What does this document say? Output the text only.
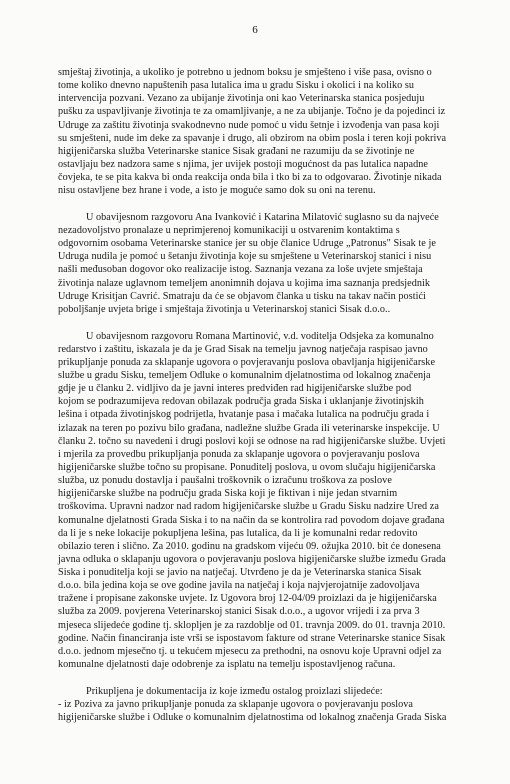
6
smještaj životinja, a ukoliko je potrebno u jednom boksu je smješteno i više pasa, ovisno o
tome koliko dnevno napuštenih pasa lutalica ima u gradu Sisku i okolici i na koliko su
intervencija pozvani. Vezano za ubijanje životinja oni kao Veterinarska stanica posjeduju
pušku za uspavljivanje životinja te za omamljivanje, a ne za ubijanje. Točno je da pojedinci iz
Udruge za zaštitu životinja svakodnevno nude pomoć u vidu šetnje i izvođenja van pasa koji
su smješteni, nude im deke za spavanje i drugo, ali obzirom na obim posla i teren koji pokriva
higijeničarska služba Veterinarske stanice Sisak građani ne razumiju da se životinje ne
ostavljaju bez nadzora same s njima, jer uvijek postoji mogućnost da pas lutalica napadne
čovjeka, te se pita kakva bi onda reakcija onda bila i tko bi za to odgovarao. Životinje nikada
nisu ostavljene bez hrane i vode, a isto je moguće samo dok su oni na terenu.
U obavijesnom razgovoru Ana Ivanković i Katarina Milatović suglasno su da najveće
nezadovoljstvo pronalaze u neprimjerenoj komunikaciji u ostvarenim kontaktima s
odgovornim osobama Veterinarske stanice jer su obje članice Udruge „Patronus" Sisak te je
Udruga nudila je pomoć u šetanju životinja koje su smještene u Veterinarskoj stanici i nisu
našli međusoban dogovor oko realizacije istog. Saznanja vezana za loše uvjete smještaja
životinja nalaze uglavnom temeljem anonimnih dojava u kojima ima saznanja predsjednik
Udruge Krisitjan Cavrić. Smatraju da će se objavom članka u tisku na takav način postići
poboljšanje uvjeta brige i smještaja životinja u Veterinarskoj stanici Sisak d.o.o..
U obavijesnom razgovoru Romana Martinović, v.d. voditelja Odsjeka za komunalno
redarstvo i zaštitu, iskazala je da je Grad Sisak na temelju javnog natječaja raspisao javno
prikupljanje ponuda za sklapanje ugovora o povjeravanju poslova obavljanja higijeničarske
službe u gradu Sisku, temeljem Odluke o komunalnim djelatnostima od lokalnog značenja
gdje je u članku 2. vidljivo da je javni interes predviđen rad higijeničarske službe pod
kojom se podrazumijeva redovan obilazak područja grada Siska i uklanjanje životinjskih
lešina i otpada životinjskog podrijetla, hvatanje pasa i mačaka lutalica na području grada i
izlazak na teren po pozivu bilo građana, nadležne službe Grada ili veterinarske inspekcije. U
članku 2. točno su navedeni i drugi poslovi koji se odnose na rad higijeničarske službe. Uvjeti
i mjerila za provedbu prikupljanja ponuda za sklapanje ugovora o povjeravanju poslova
higijeničarske službe točno su propisane. Ponuditelj poslova, u ovom slučaju higijeničarska
služba, uz ponudu dostavlja i paušalni troškovnik o izračunu troškova za poslove
higijeničarske službe na području grada Siska koji je fiktivan i nije jedan stvarnim
troškovima. Upravni nadzor nad radom higijeničarske službe u Gradu Sisku nadzire Ured za
komunalne djelatnosti Grada Siska i to na način da se kontrolira rad povodom dojave građana
da li je s neke lokacije pokupljena lešina, pas lutalica, da li je komunalni redar redovito
obilazio teren i slično. Za 2010. godinu na gradskom vijeću 09. ožujka 2010. bit će donesena
javna odluka o sklapanju ugovora o povjeravanju poslova higijeničarske službe između Grada
Siska i ponuditelja koji se javio na natječaj. Utvrđeno je da je Veterinarska stanica Sisak
d.o.o. bila jedina koja se ove godine javila na natječaj i koja najvjerojatnije zadovoljava
tražene i propisane zakonske uvjete. Iz Ugovora broj 12-04/09 proizlazi da je higijeničarska
služba za 2009. povjerena Veterinarskoj stanici Sisak d.o.o., a ugovor vrijedi i za prva 3
mjeseca slijedeće godine tj. sklopljen je za razdoblje od 01. travnja 2009. do 01. travnja 2010.
godine. Način financiranja iste vrši se ispostavom fakture od strane Veterinarske stanice Sisak
d.o.o. jednom mjesečno tj. u tekućem mjesecu za prethodni, na osnovu koje Upravni odjel za
komunalne djelatnosti daje odobrenje za isplatu na temelju ispostavljenog računa.
Prikupljena je dokumentacija iz koje između ostalog proizlazi slijedeće:
- iz Poziva za javno prikupljanje ponuda za sklapanje ugovora o povjeravanju poslova
higijeničarske službe i Odluke o komunalnim djelatnostima od lokalnog značenja Grada Siska
